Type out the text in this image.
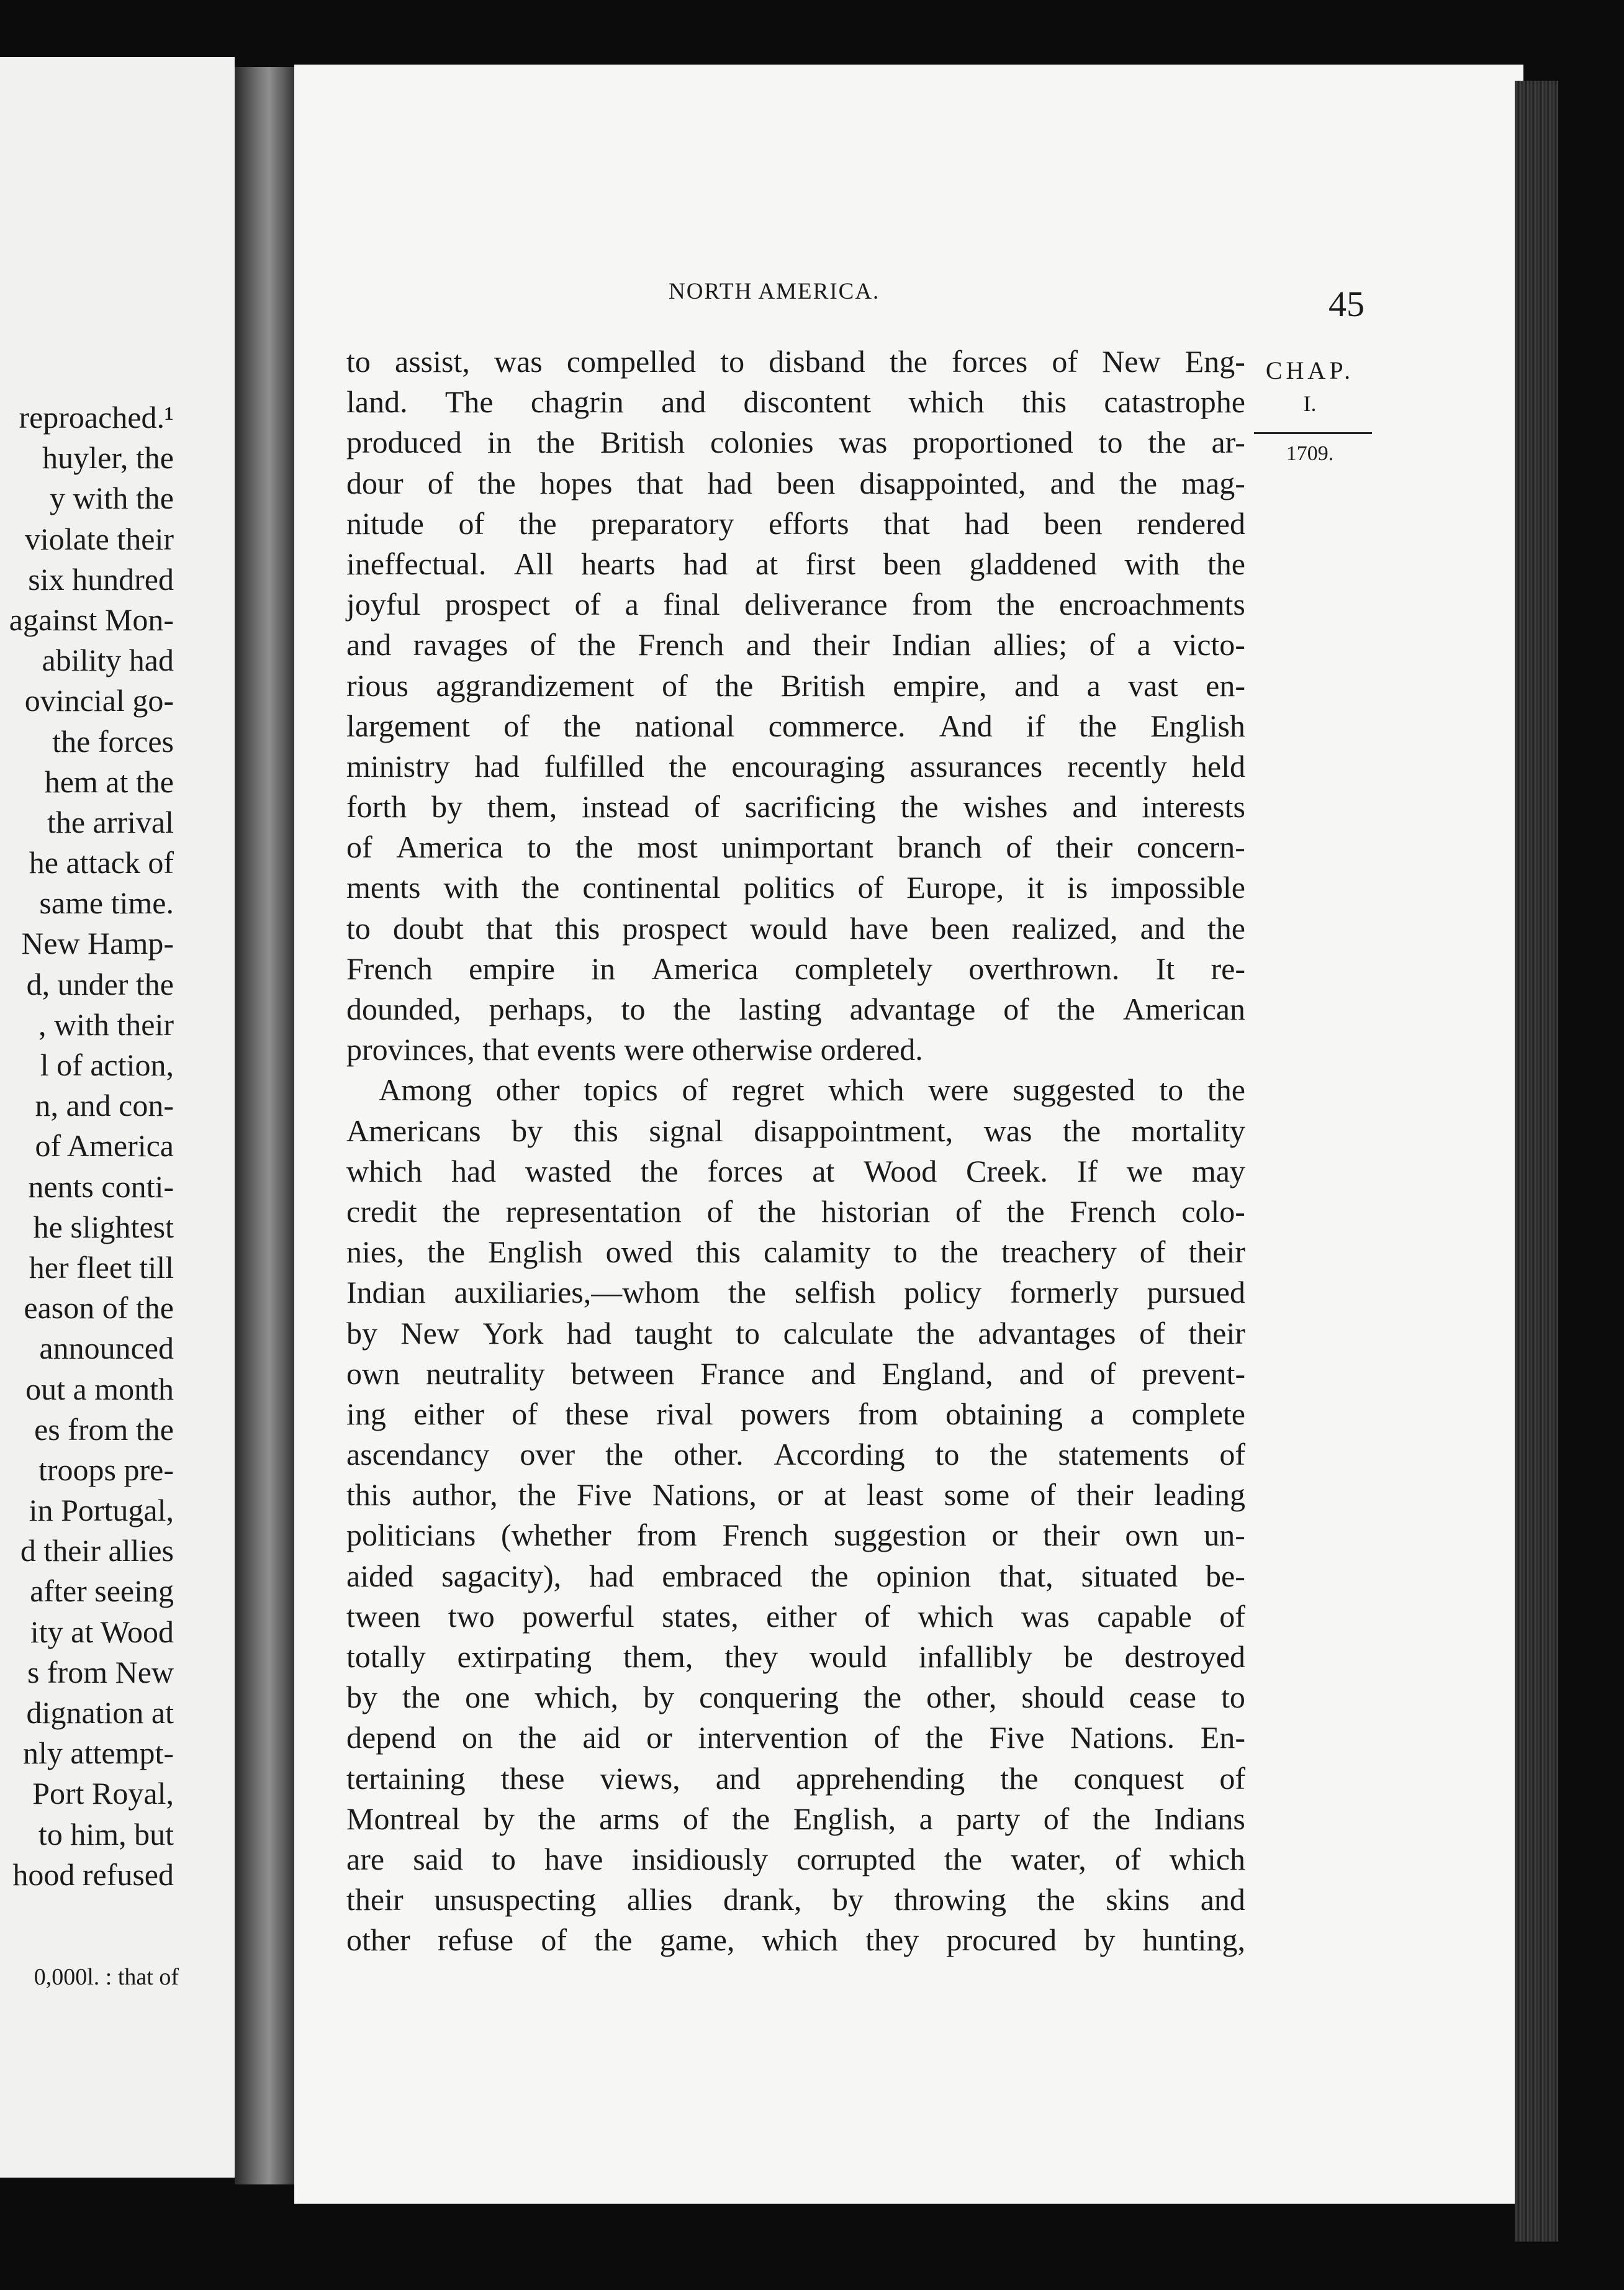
reproached.¹
huyler, the
y with the
violate their
six hundred
against Mon-
ability had
ovincial go-
the forces
hem at the
the arrival
he attack of
same time.
New Hamp-
d, under the
, with their
l of action,
n, and con-
of America
nents conti-
he slightest
her fleet till
eason of the
announced
out a month
es from the
troops pre-
in Portugal,
d their allies
after seeing
ity at Wood
s from New
dignation at
nly attempt-
Port Royal,
to him, but
hood refused
0,000l. : that of
NORTH AMERICA.	45
CHAP.
I.
1709.
to assist, was compelled to disband the forces of New Eng-
land. The chagrin and discontent which this catastrophe
produced in the British colonies was proportioned to the ar-
dour of the hopes that had been disappointed, and the mag-
nitude of the preparatory efforts that had been rendered
ineffectual. All hearts had at first been gladdened with the
joyful prospect of a final deliverance from the encroachments
and ravages of the French and their Indian allies; of a victo-
rious aggrandizement of the British empire, and a vast en-
largement of the national commerce. And if the English
ministry had fulfilled the encouraging assurances recently held
forth by them, instead of sacrificing the wishes and interests
of America to the most unimportant branch of their concern-
ments with the continental politics of Europe, it is impossible
to doubt that this prospect would have been realized, and the
French empire in America completely overthrown. It re-
dounded, perhaps, to the lasting advantage of the American
provinces, that events were otherwise ordered.
Among other topics of regret which were suggested to the
Americans by this signal disappointment, was the mortality
which had wasted the forces at Wood Creek. If we may
credit the representation of the historian of the French colo-
nies, the English owed this calamity to the treachery of their
Indian auxiliaries,—whom the selfish policy formerly pursued
by New York had taught to calculate the advantages of their
own neutrality between France and England, and of prevent-
ing either of these rival powers from obtaining a complete
ascendancy over the other. According to the statements of
this author, the Five Nations, or at least some of their leading
politicians (whether from French suggestion or their own un-
aided sagacity), had embraced the opinion that, situated be-
tween two powerful states, either of which was capable of
totally extirpating them, they would infallibly be destroyed
by the one which, by conquering the other, should cease to
depend on the aid or intervention of the Five Nations. En-
tertaining these views, and apprehending the conquest of
Montreal by the arms of the English, a party of the Indians
are said to have insidiously corrupted the water, of which
their unsuspecting allies drank, by throwing the skins and
other refuse of the game, which they procured by hunting,
